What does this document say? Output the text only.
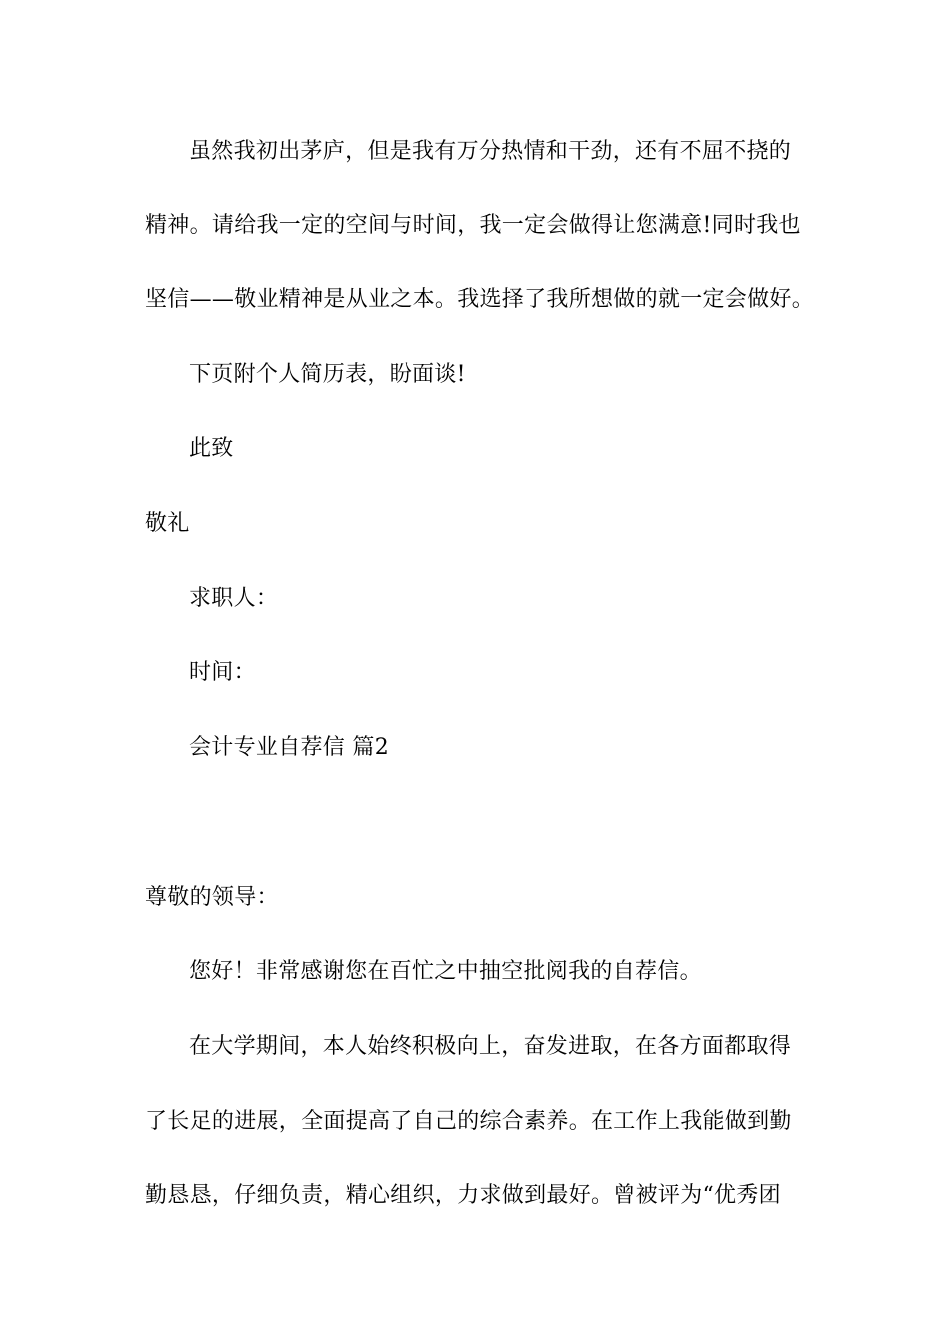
虽然我初出茅庐，但是我有万分热情和干劲，还有不屈不挠的
精神。请给我一定的空间与时间，我一定会做得让您满意!同时我也
坚信——敬业精神是从业之本。我选择了我所想做的就一定会做好。
下页附个人简历表，盼面谈!
此致
敬礼
求职人：
时间：
会计专业自荐信 篇2
尊敬的领导：
您好！非常感谢您在百忙之中抽空批阅我的自荐信。
在大学期间，本人始终积极向上，奋发进取，在各方面都取得
了长足的进展，全面提高了自己的综合素养。在工作上我能做到勤
勤恳恳，仔细负责，精心组织，力求做到最好。曾被评为“优秀团
